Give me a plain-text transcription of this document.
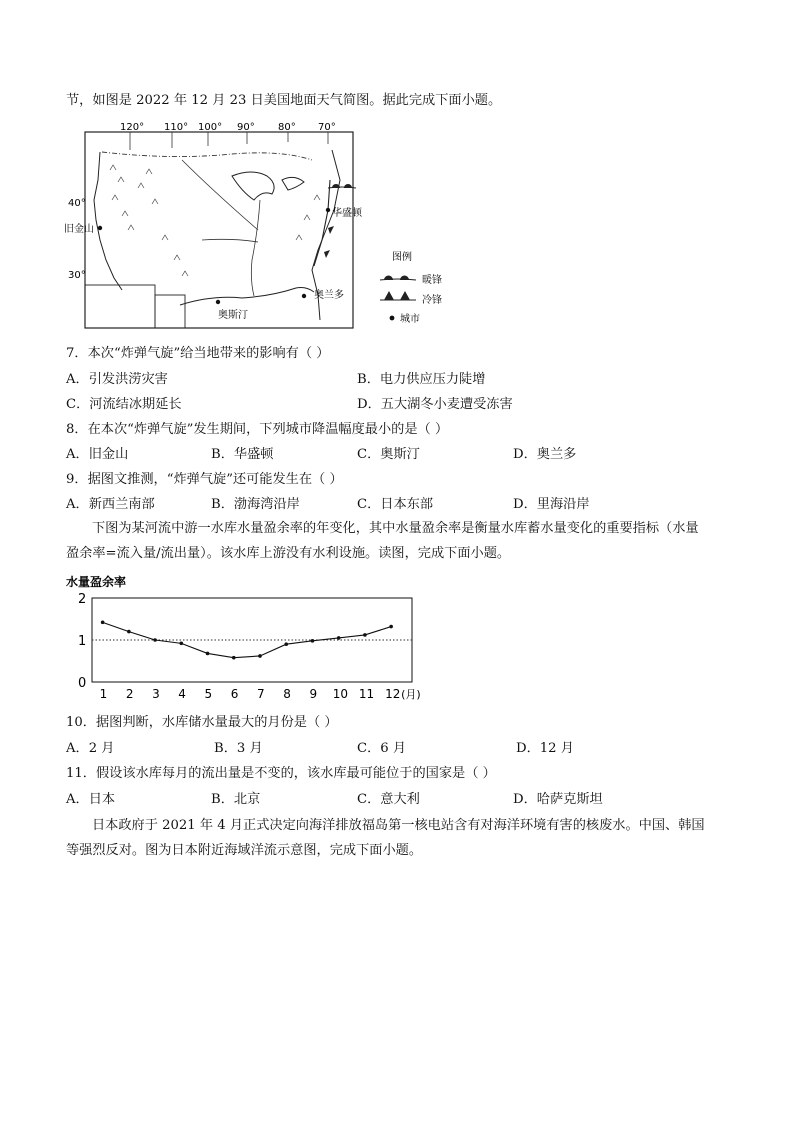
节，如图是 2022 年 12 月 23 日美国地面天气简图。据此完成下面小题。
120° 110° 100° 90° 80° 70°
40°
30°
旧金山
华盛顿
奥斯汀
奥兰多
图例
暖锋
冷锋
城市
7．本次“炸弹气旋”给当地带来的影响有（ ）
A．引发洪涝灾害	B．电力供应压力陡增
C．河流结冰期延长	D．五大湖冬小麦遭受冻害
8．在本次“炸弹气旋”发生期间，下列城市降温幅度最小的是（ ）
A．旧金山	B．华盛顿	C．奥斯汀	D．奥兰多
9．据图文推测，“炸弹气旋”还可能发生在（ ）
A．新西兰南部	B．渤海湾沿岸	C．日本东部	D．里海沿岸
下图为某河流中游一水库水量盈余率的年变化，其中水量盈余率是衡量水库蓄水量变化的重要指标（水量
盈余率=流入量/流出量）。该水库上游没有水利设施。读图，完成下面小题。
水量盈余率
0
1
2
1 2 3 4 5 6 7 8 9 10 11 12 (月)
10．据图判断，水库储水量最大的月份是（ ）
A．2 月	B．3 月	C．6 月	D．12 月
11．假设该水库每月的流出量是不变的，该水库最可能位于的国家是（ ）
A．日本	B．北京	C．意大利	D．哈萨克斯坦
日本政府于 2021 年 4 月正式决定向海洋排放福岛第一核电站含有对海洋环境有害的核废水。中国、韩国
等强烈反对。图为日本附近海域洋流示意图，完成下面小题。
